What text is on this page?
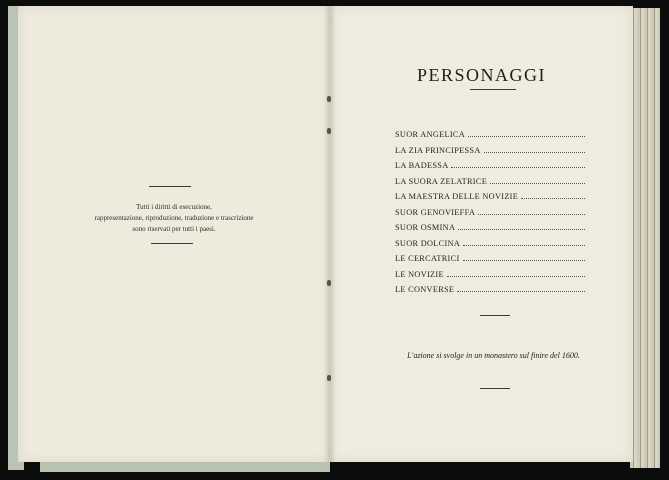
Tutti i diritti di esecuzione,
rappresentazione, riproduzione, traduzione e trascrizione
sono riservati per tutti i paesi.
PERSONAGGI
SUOR ANGELICA
LA ZIA PRINCIPESSA
LA BADESSA
LA SUORA ZELATRICE
LA MAESTRA DELLE NOVIZIE
SUOR GENOVIEFFA
SUOR OSMINA
SUOR DOLCINA
LE CERCATRICI
LE NOVIZIE
LE CONVERSE
L'azione si svolge in un monastero sul finire del 1600.
